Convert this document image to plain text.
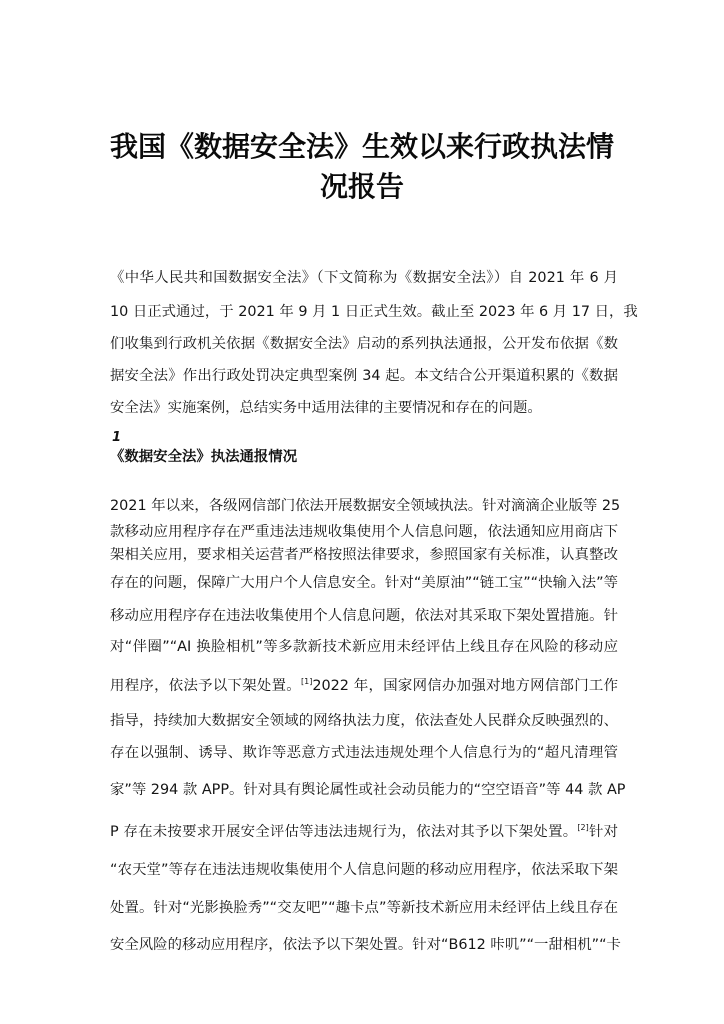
我国《数据安全法》生效以来行政执法情
况报告
《中华人民共和国数据安全法》（下文简称为《数据安全法》）自 2021 年 6 月
10 日正式通过，于 2021 年 9 月 1 日正式生效。截止至 2023 年 6 月 17 日，我
们收集到行政机关依据《数据安全法》启动的系列执法通报，公开发布依据《数
据安全法》作出行政处罚决定典型案例 34 起。本文结合公开渠道积累的《数据
安全法》实施案例，总结实务中适用法律的主要情况和存在的问题。

1

《数据安全法》执法通报情况

2021 年以来，各级网信部门依法开展数据安全领域执法。针对滴滴企业版等 25
款移动应用程序存在严重违法违规收集使用个人信息问题，依法通知应用商店下
架相关应用，要求相关运营者严格按照法律要求，参照国家有关标准，认真整改
存在的问题，保障广大用户个人信息安全。针对“美原油”“链工宝”“快输入法”等
移动应用程序存在违法收集使用个人信息问题，依法对其采取下架处置措施。针
对“伴圈”“AI 换脸相机”等多款新技术新应用未经评估上线且存在风险的移动应
用程序，依法予以下架处置。[1]2022 年，国家网信办加强对地方网信部门工作
指导，持续加大数据安全领域的网络执法力度，依法查处人民群众反映强烈的、
存在以强制、诱导、欺诈等恶意方式违法违规处理个人信息行为的“超凡清理管
家”等 294 款 APP。针对具有舆论属性或社会动员能力的“空空语音”等 44 款 AP
P 存在未按要求开展安全评估等违法违规行为，依法对其予以下架处置。[2]针对
“农天堂”等存在违法违规收集使用个人信息问题的移动应用程序，依法采取下架
处置。针对“光影换脸秀”“交友吧”“趣卡点”等新技术新应用未经评估上线且存在
安全风险的移动应用程序，依法予以下架处置。针对“B612 咔叽”“一甜相机”“卡
